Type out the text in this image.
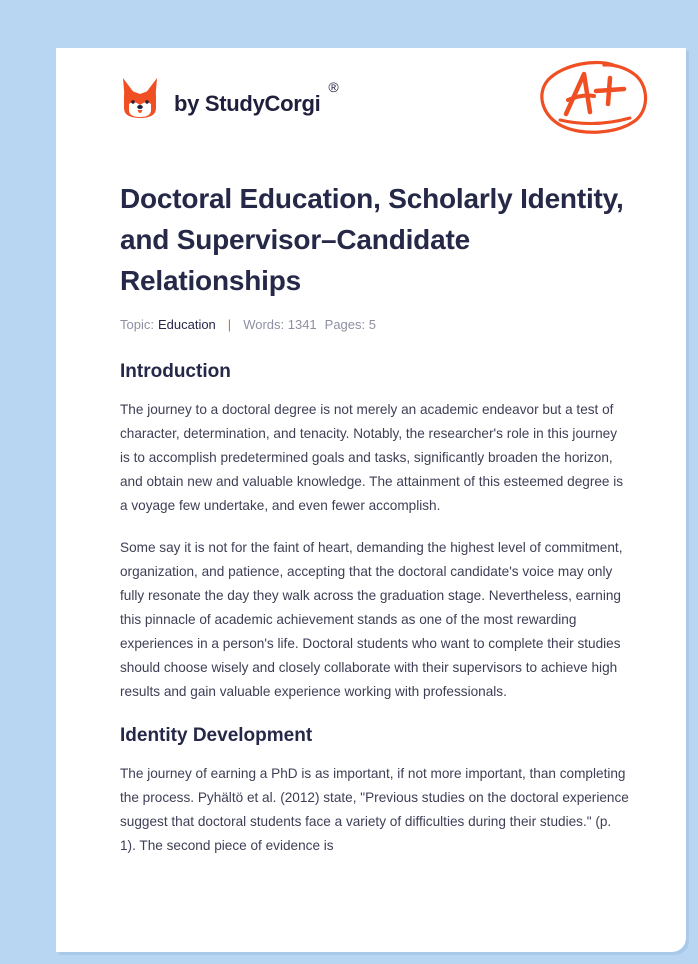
by StudyCorgi
®
Doctoral Education, Scholarly Identity, and Supervisor–Candidate Relationships
Topic: Education | Words: 1341 Pages: 5
Introduction

The journey to a doctoral degree is not merely an academic endeavor but a test of character, determination, and tenacity. Notably, the researcher's role in this journey is to accomplish predetermined goals and tasks, significantly broaden the horizon, and obtain new and valuable knowledge. The attainment of this esteemed degree is a voyage few undertake, and even fewer accomplish.

Some say it is not for the faint of heart, demanding the highest level of commitment, organization, and patience, accepting that the doctoral candidate's voice may only fully resonate the day they walk across the graduation stage. Nevertheless, earning this pinnacle of academic achievement stands as one of the most rewarding experiences in a person's life. Doctoral students who want to complete their studies should choose wisely and closely collaborate with their supervisors to achieve high results and gain valuable experience working with professionals.

Identity Development

The journey of earning a PhD is as important, if not more important, than completing the process. Pyhältö et al. (2012) state, "Previous studies on the doctoral experience suggest that doctoral students face a variety of difficulties during their studies." (p. 1). The second piece of evidence is
